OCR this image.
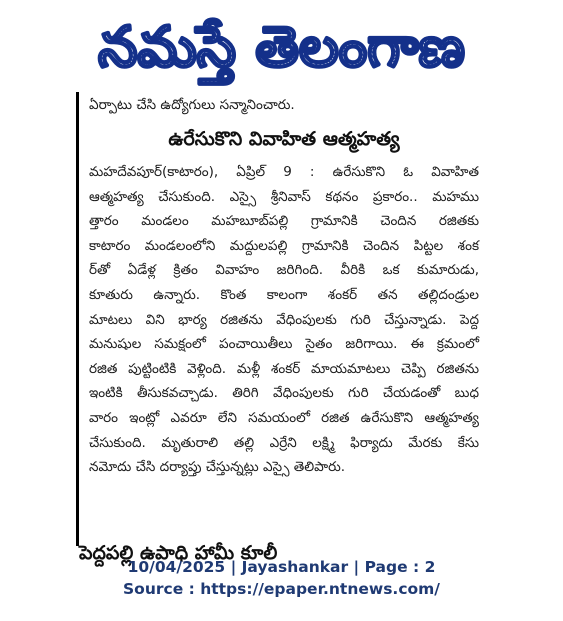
నమస్తే తెలంగాణ
ఏర్పాటు చేసి ఉద్యోగులు సన్మానించారు.
ఉరేసుకొని వివాహిత ఆత్మహత్య
మహదేవపూర్(కాటారం), ఏప్రిల్ 9 : ఉరేసుకొని ఓ వివాహిత
ఆత్మహత్య చేసుకుంది. ఎస్సై శ్రీనివాస్ కథనం ప్రకారం.. మహము
త్తారం మండలం మహబూబ్‌పల్లి గ్రామానికి చెందిన రజితకు
కాటారం మండలంలోని మద్దులపల్లి గ్రామానికి చెందిన పిట్టల శంక
ర్‌తో ఏడేళ్ల క్రితం వివాహం జరిగింది. వీరికి ఒక కుమారుడు,
కూతురు ఉన్నారు. కొంత కాలంగా శంకర్ తన తల్లిదండ్రుల
మాటలు విని భార్య రజితను వేధింపులకు గురి చేస్తున్నాడు. పెద్ద
మనుషుల సమక్షంలో పంచాయితీలు సైతం జరిగాయి. ఈ క్రమంలో
రజిత పుట్టింటికి వెళ్లింది. మళ్లీ శంకర్ మాయమాటలు చెప్పి రజితను
ఇంటికి తీసుకవచ్చాడు. తిరిగి వేధింపులకు గురి చేయడంతో బుధ
వారం ఇంట్లో ఎవరూ లేని సమయంలో రజిత ఉరేసుకొని ఆత్మహత్య
చేసుకుంది. మృతురాలి తల్లి ఎర్రేని లక్ష్మి ఫిర్యాదు మేరకు కేసు
నమోదు చేసి దర్యాప్తు చేస్తున్నట్లు ఎస్సై తెలిపారు.
పెద్దపల్లి ఉపాధి హామీ కూలీ
10/04/2025 | Jayashankar | Page : 2
Source : https://epaper.ntnews.com/
